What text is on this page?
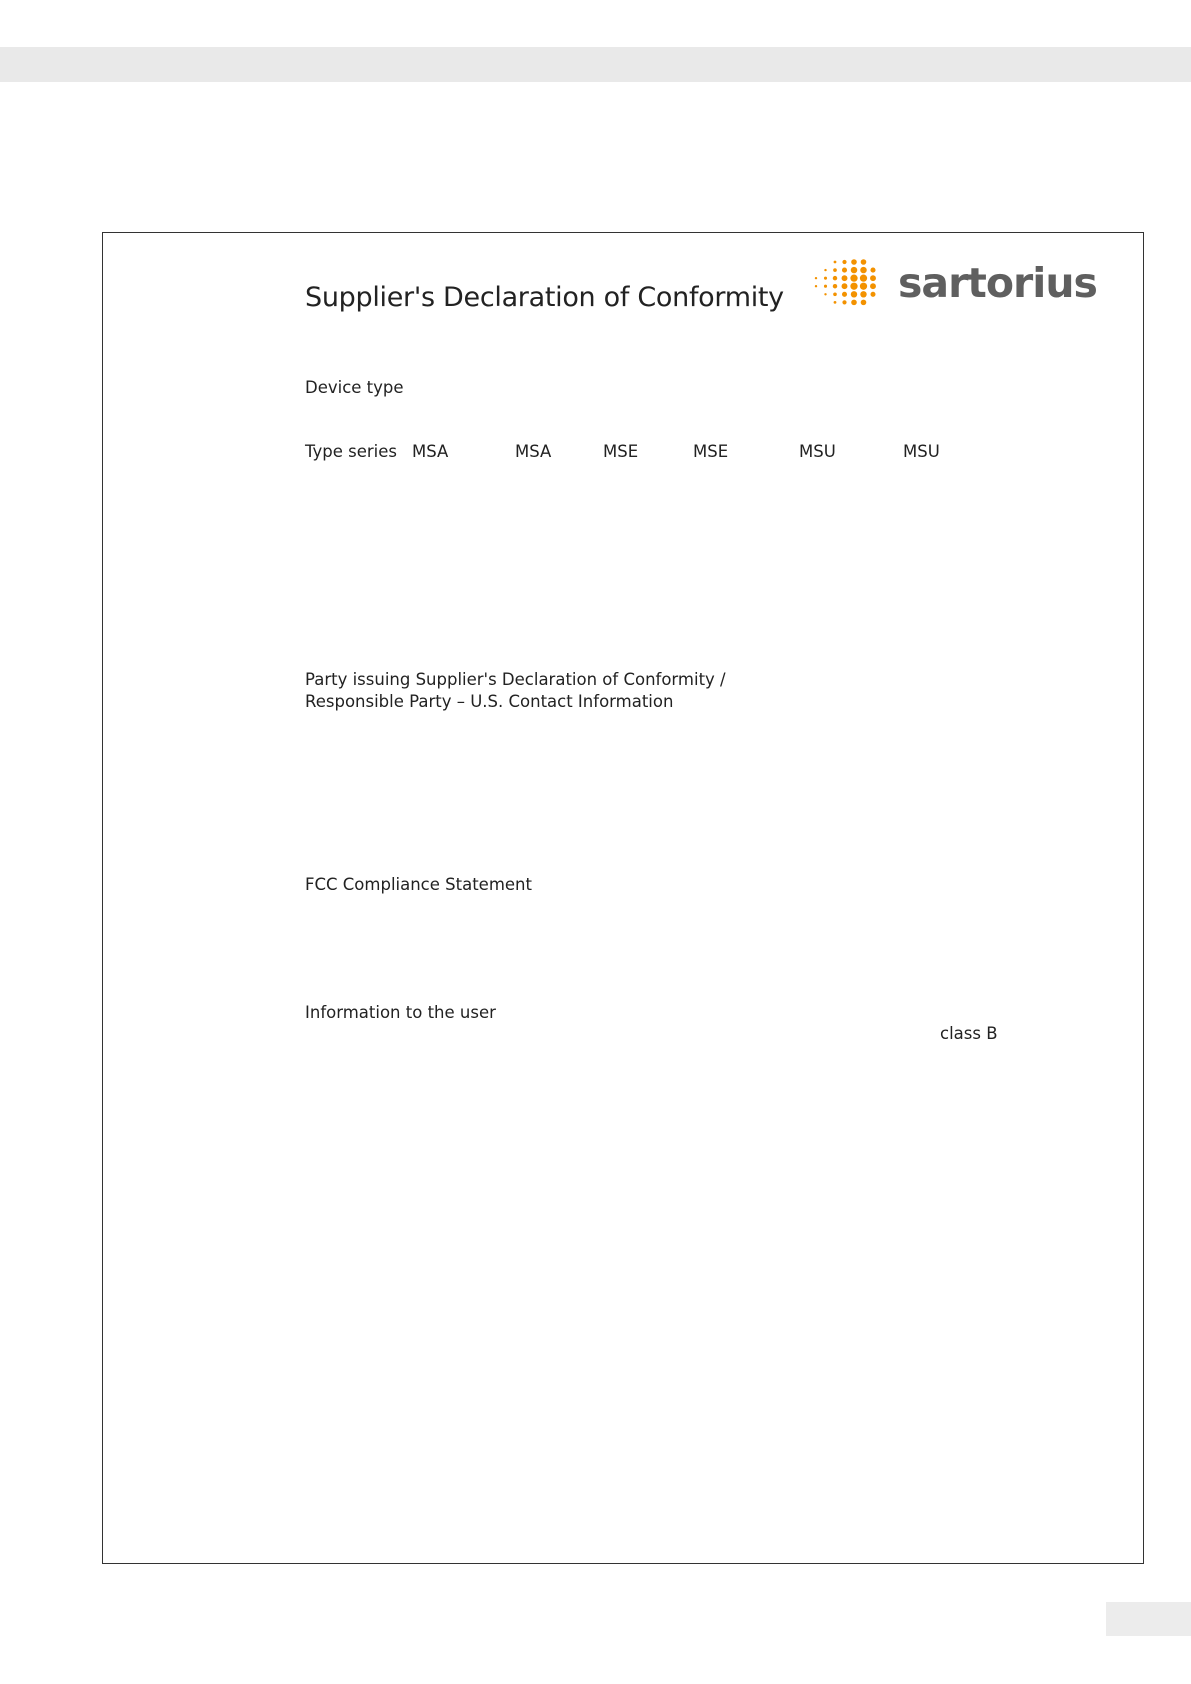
sartorius
Supplier's Declaration of Conformity
Device type
Type series MSA	MSA	MSE	MSE	MSU	MSU
Party issuing Supplier's Declaration of Conformity /
Responsible Party – U.S. Contact Information
FCC Compliance Statement
Information to the user
class B
